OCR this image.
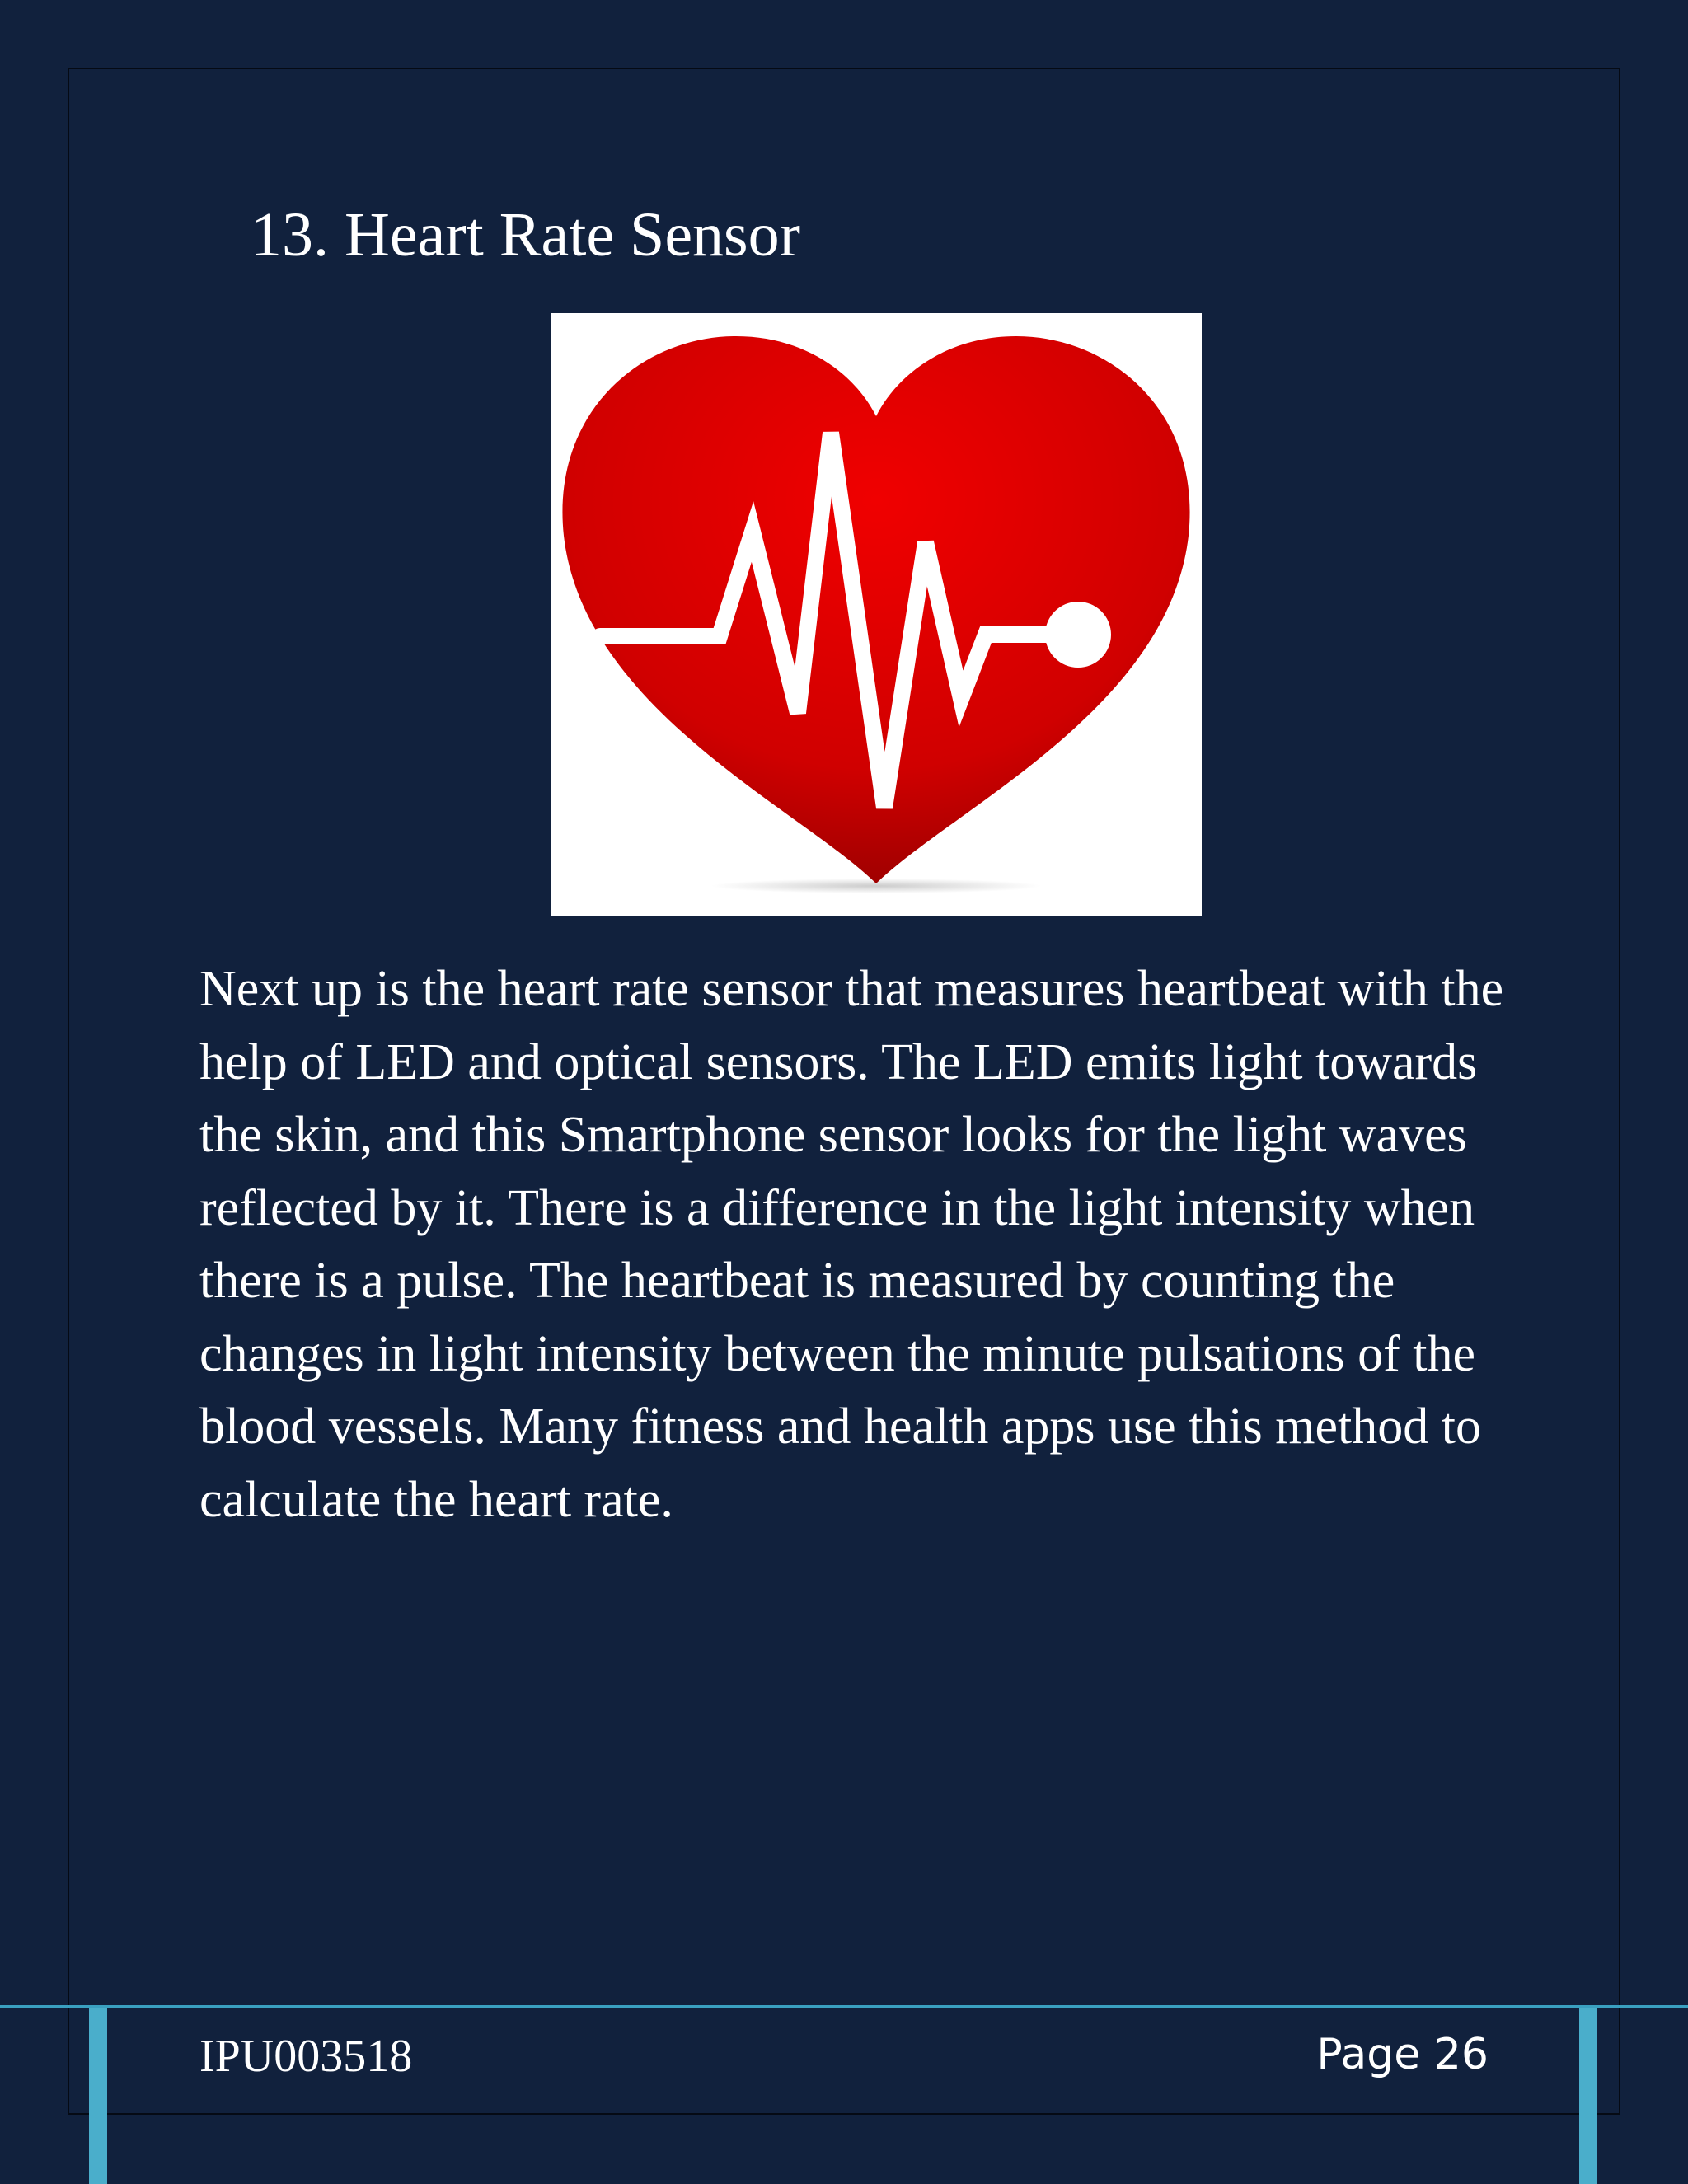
13. Heart Rate Sensor

Next up is the heart rate sensor that measures heartbeat with the help of LED and optical sensors. The LED emits light towards the skin, and this Smartphone sensor looks for the light waves reflected by it. There is a difference in the light intensity when there is a pulse. The heartbeat is measured by counting the changes in light intensity between the minute pulsations of the blood vessels. Many fitness and health apps use this method to calculate the heart rate.

IPU003518	Page 26
